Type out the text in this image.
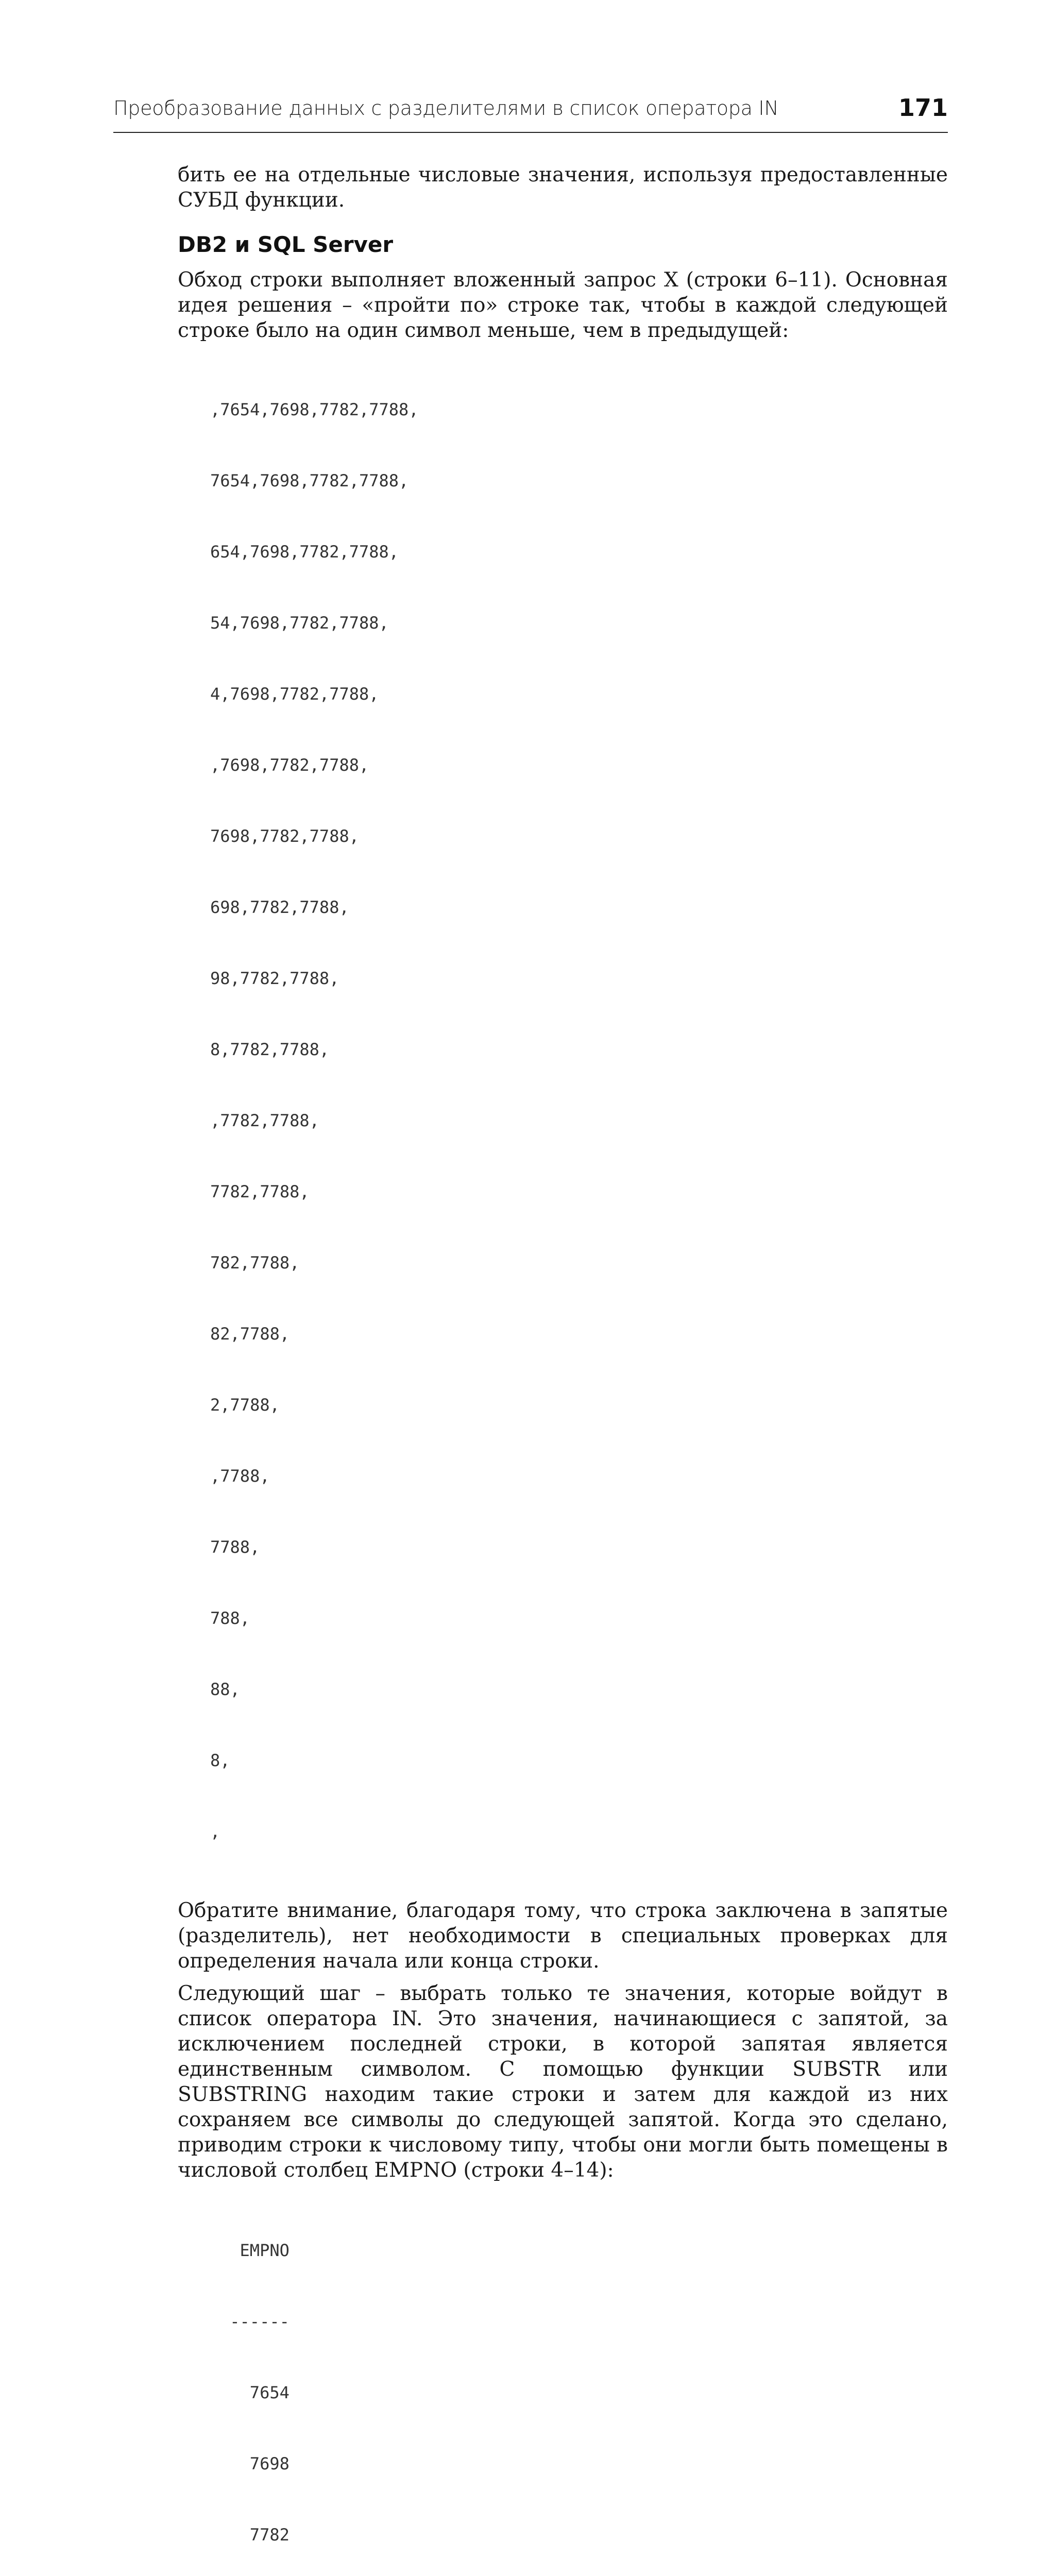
Преобразование данных с разделителями в список оператора IN	171

бить ее на отдельные числовые значения, используя предоставленные СУБД функции.

DB2 и SQL Server

Обход строки выполняет вложенный запрос X (строки 6–11). Основная идея решения – «пройти по» строке так, чтобы в каждой следующей строке было на один символ меньше, чем в предыдущей:

,7654,7698,7782,7788,

7654,7698,7782,7788,

654,7698,7782,7788,

54,7698,7782,7788,

4,7698,7782,7788,

,7698,7782,7788,

7698,7782,7788,

698,7782,7788,

98,7782,7788,

8,7782,7788,

,7782,7788,

7782,7788,

782,7788,

82,7788,

2,7788,

,7788,

7788,

788,

88,

8,

,

Обратите внимание, благодаря тому, что строка заключена в запятые (разделитель), нет необходимости в специальных проверках для определения начала или конца строки.

Следующий шаг – выбрать только те значения, которые войдут в список оператора IN. Это значения, начинающиеся с запятой, за исключением последней строки, в которой запятая является единственным символом. С помощью функции SUBSTR или SUBSTRING находим такие строки и затем для каждой из них сохраняем все символы до следующей запятой. Когда это сделано, приводим строки к числовому типу, чтобы они могли быть помещены в числовой столбец EMPNO (строки 4–14):

EMPNO

------

7654

7698

7782
